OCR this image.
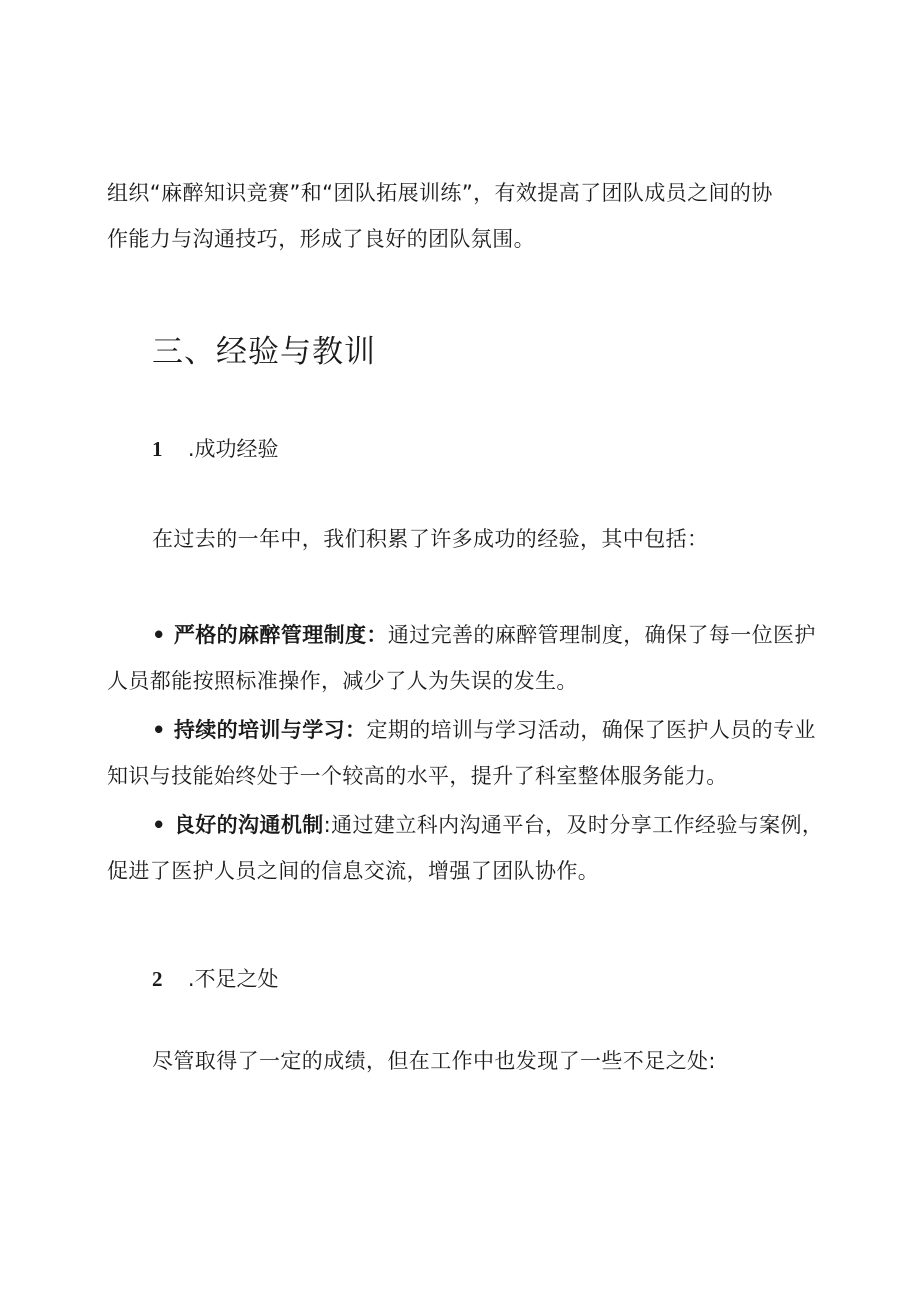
组织“麻醉知识竞赛”和“团队拓展训练”，有效提高了团队成员之间的协
作能力与沟通技巧，形成了良好的团队氛围。
三、经验与教训
1 .成功经验
在过去的一年中，我们积累了许多成功的经验，其中包括：
• 严格的麻醉管理制度：通过完善的麻醉管理制度，确保了每一位医护
人员都能按照标准操作，减少了人为失误的发生。
• 持续的培训与学习：定期的培训与学习活动，确保了医护人员的专业
知识与技能始终处于一个较高的水平，提升了科室整体服务能力。
• 良好的沟通机制:通过建立科内沟通平台，及时分享工作经验与案例，
促进了医护人员之间的信息交流，增强了团队协作。
2 .不足之处
尽管取得了一定的成绩，但在工作中也发现了一些不足之处:
